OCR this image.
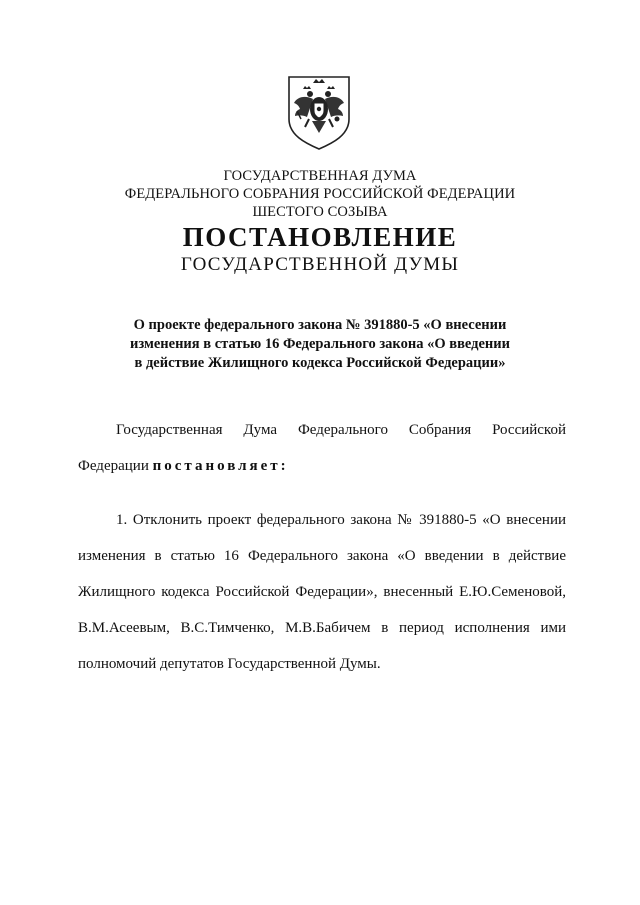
ГОСУДАРСТВЕННАЯ ДУМА
ФЕДЕРАЛЬНОГО СОБРАНИЯ РОССИЙСКОЙ ФЕДЕРАЦИИ
ШЕСТОГО СОЗЫВА
ПОСТАНОВЛЕНИЕ
ГОСУДАРСТВЕННОЙ ДУМЫ
О проекте федерального закона № 391880-5 «О внесении
изменения в статью 16 Федерального закона «О введении
в действие Жилищного кодекса Российской Федерации»
Государственная Дума Федерального Собрания Российской
Федерации постановляет:
1. Отклонить проект федерального закона № 391880-5 «О внесении
изменения в статью 16 Федерального закона «О введении в действие
Жилищного кодекса Российской Федерации», внесенный Е.Ю.Семеновой,
В.М.Асеевым, В.С.Тимченко, М.В.Бабичем в период исполнения ими
полномочий депутатов Государственной Думы.
